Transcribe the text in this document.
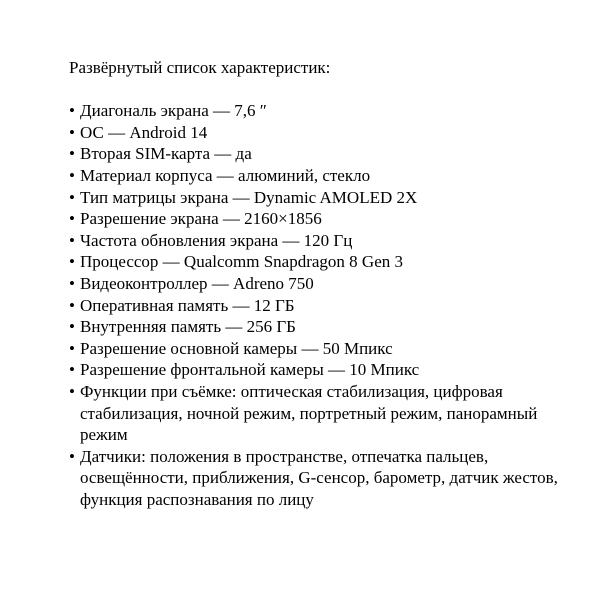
Развёрнутый список характеристик:

• Диагональ экрана — 7,6 ″
• ОС — Android 14
• Вторая SIM-карта — да
• Материал корпуса — алюминий, стекло
• Тип матрицы экрана — Dynamic AMOLED 2X
• Разрешение экрана — 2160×1856
• Частота обновления экрана — 120 Гц
• Процессор — Qualcomm Snapdragon 8 Gen 3
• Видеоконтроллер — Adreno 750
• Оперативная память — 12 ГБ
• Внутренняя память — 256 ГБ
• Разрешение основной камеры — 50 Мпикс
• Разрешение фронтальной камеры — 10 Мпикс
• Функции при съёмке: оптическая стабилизация, цифровая стабилизация, ночной режим, портретный режим, панорамный режим
• Датчики: положения в пространстве, отпечатка пальцев, освещённости, приближения, G-сенсор, барометр, датчик жестов, функция распознавания по лицу
